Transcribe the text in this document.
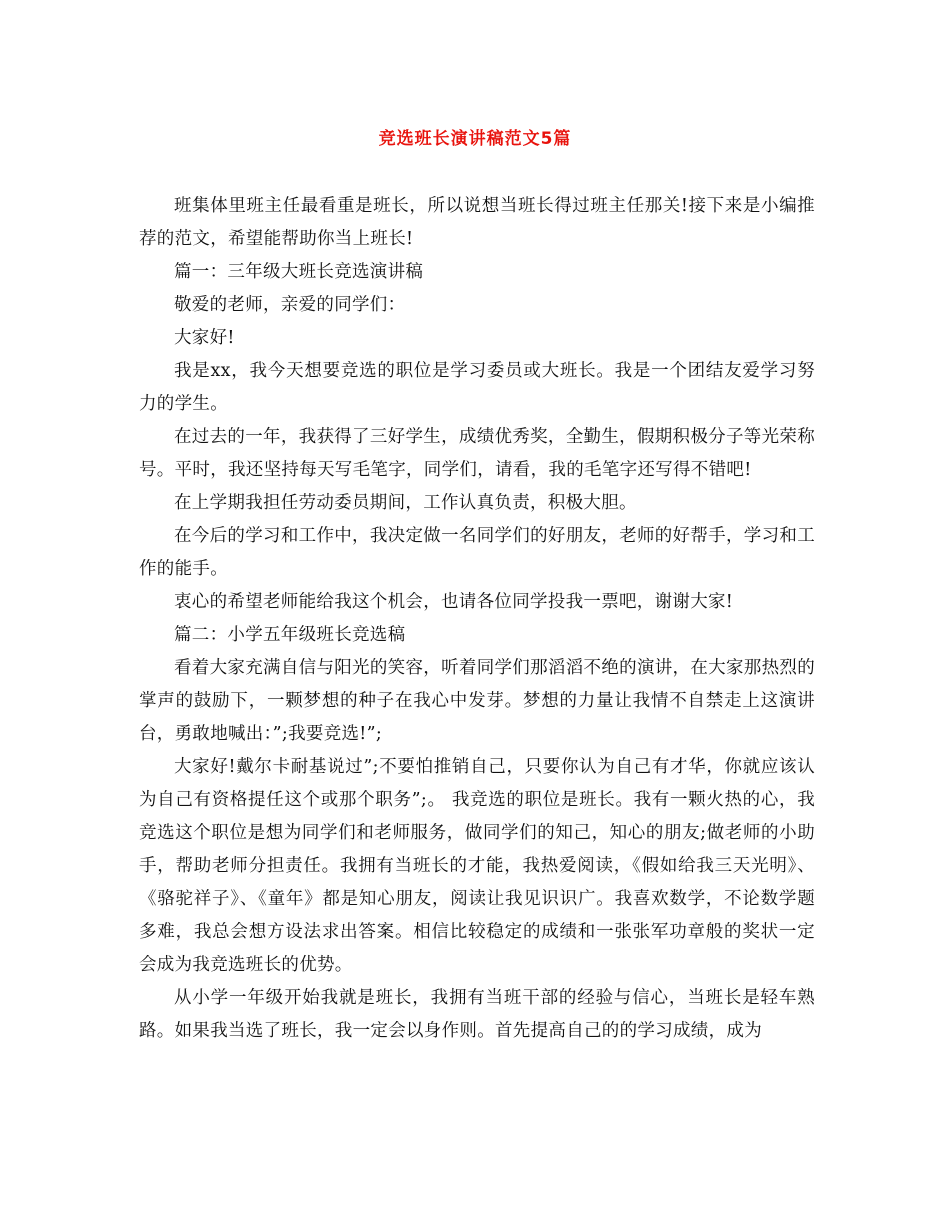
竞选班长演讲稿范文5篇

班集体里班主任最看重是班长，所以说想当班长得过班主任那关!接下来是小编推荐的范文，希望能帮助你当上班长!

篇一：三年级大班长竞选演讲稿

敬爱的老师，亲爱的同学们：

大家好!

我是xx，我今天想要竞选的职位是学习委员或大班长。我是一个团结友爱学习努力的学生。

在过去的一年，我获得了三好学生，成绩优秀奖，全勤生，假期积极分子等光荣称号。平时，我还坚持每天写毛笔字，同学们，请看，我的毛笔字还写得不错吧!

在上学期我担任劳动委员期间，工作认真负责，积极大胆。

在今后的学习和工作中，我决定做一名同学们的好朋友，老师的好帮手，学习和工作的能手。

衷心的希望老师能给我这个机会，也请各位同学投我一票吧，谢谢大家!

篇二：小学五年级班长竞选稿

看着大家充满自信与阳光的笑容，听着同学们那滔滔不绝的演讲，在大家那热烈的掌声的鼓励下，一颗梦想的种子在我心中发芽。梦想的力量让我情不自禁走上这演讲台，勇敢地喊出：”;我要竞选!”;

大家好!戴尔卡耐基说过”;不要怕推销自己，只要你认为自己有才华，你就应该认为自己有资格提任这个或那个职务”;。 我竞选的职位是班长。我有一颗火热的心，我竞选这个职位是想为同学们和老师服务，做同学们的知己，知心的朋友;做老师的小助手，帮助老师分担责任。我拥有当班长的才能，我热爱阅读，《假如给我三天光明》、《骆驼祥子》、《童年》都是知心朋友，阅读让我见识识广。我喜欢数学，不论数学题多难，我总会想方设法求出答案。相信比较稳定的成绩和一张张军功章般的奖状一定会成为我竞选班长的优势。

从小学一年级开始我就是班长，我拥有当班干部的经验与信心，当班长是轻车熟路。如果我当选了班长，我一定会以身作则。首先提高自己的的学习成绩，成为
